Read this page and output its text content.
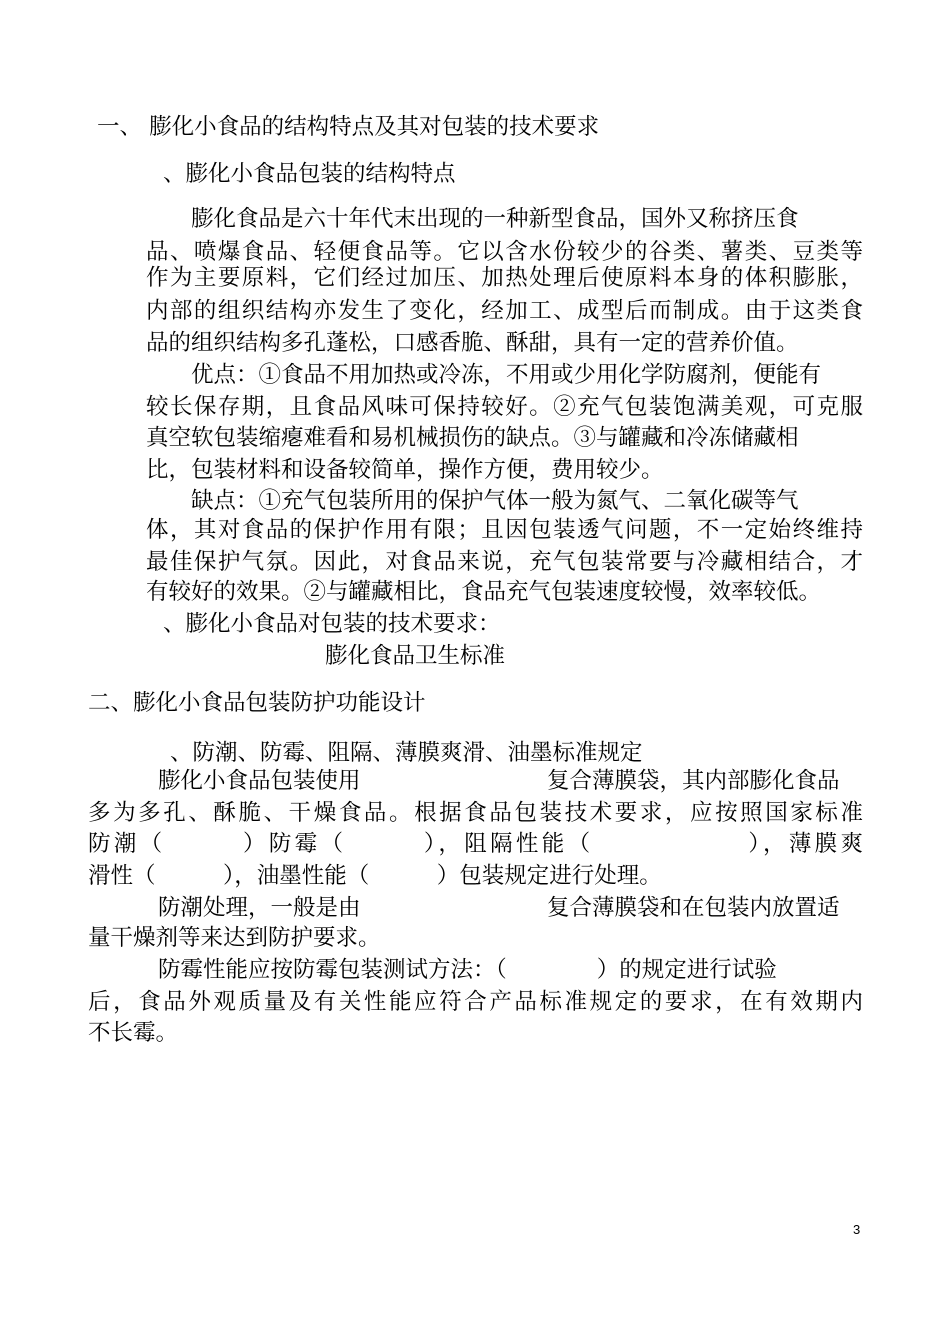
一、 膨化小食品的结构特点及其对包装的技术要求
、膨化小食品包装的结构特点
膨化食品是六十年代末出现的一种新型食品，国外又称挤压食
品、喷爆食品、轻便食品等。它以含水份较少的谷类、薯类、豆类等
作为主要原料，它们经过加压、加热处理后使原料本身的体积膨胀，
内部的组织结构亦发生了变化，经加工、成型后而制成。由于这类食
品的组织结构多孔蓬松，口感香脆、酥甜，具有一定的营养价值。
优点：①食品不用加热或冷冻，不用或少用化学防腐剂，便能有
较长保存期，且食品风味可保持较好。②充气包装饱满美观，可克服
真空软包装缩瘪难看和易机械损伤的缺点。③与罐藏和冷冻储藏相
比，包装材料和设备较简单，操作方便，费用较少。
缺点：①充气包装所用的保护气体一般为氮气、二氧化碳等气
体，其对食品的保护作用有限；且因包装透气问题，不一定始终维持
最佳保护气氛。因此，对食品来说，充气包装常要与冷藏相结合，才
有较好的效果。②与罐藏相比，食品充气包装速度较慢，效率较低。
、膨化小食品对包装的技术要求：
膨化食品卫生标准
二、膨化小食品包装防护功能设计
、防潮、防霉、阻隔、薄膜爽滑、油墨标准规定
膨化小食品包装使用	复合薄膜袋，其内部膨化食品
多为多孔、酥脆、干燥食品。根据食品包装技术要求，应按照国家标准
防潮（　　　）防霉（　　　），阻隔性能（　　　　　　），薄膜爽
滑性（　　　），油墨性能（　　　）包装规定进行处理。
防潮处理，一般是由	复合薄膜袋和在包装内放置适
量干燥剂等来达到防护要求。
防霉性能应按防霉包装测试方法：（　　　　）的规定进行试验
后，食品外观质量及有关性能应符合产品标准规定的要求，在有效期内
不长霉。
3
